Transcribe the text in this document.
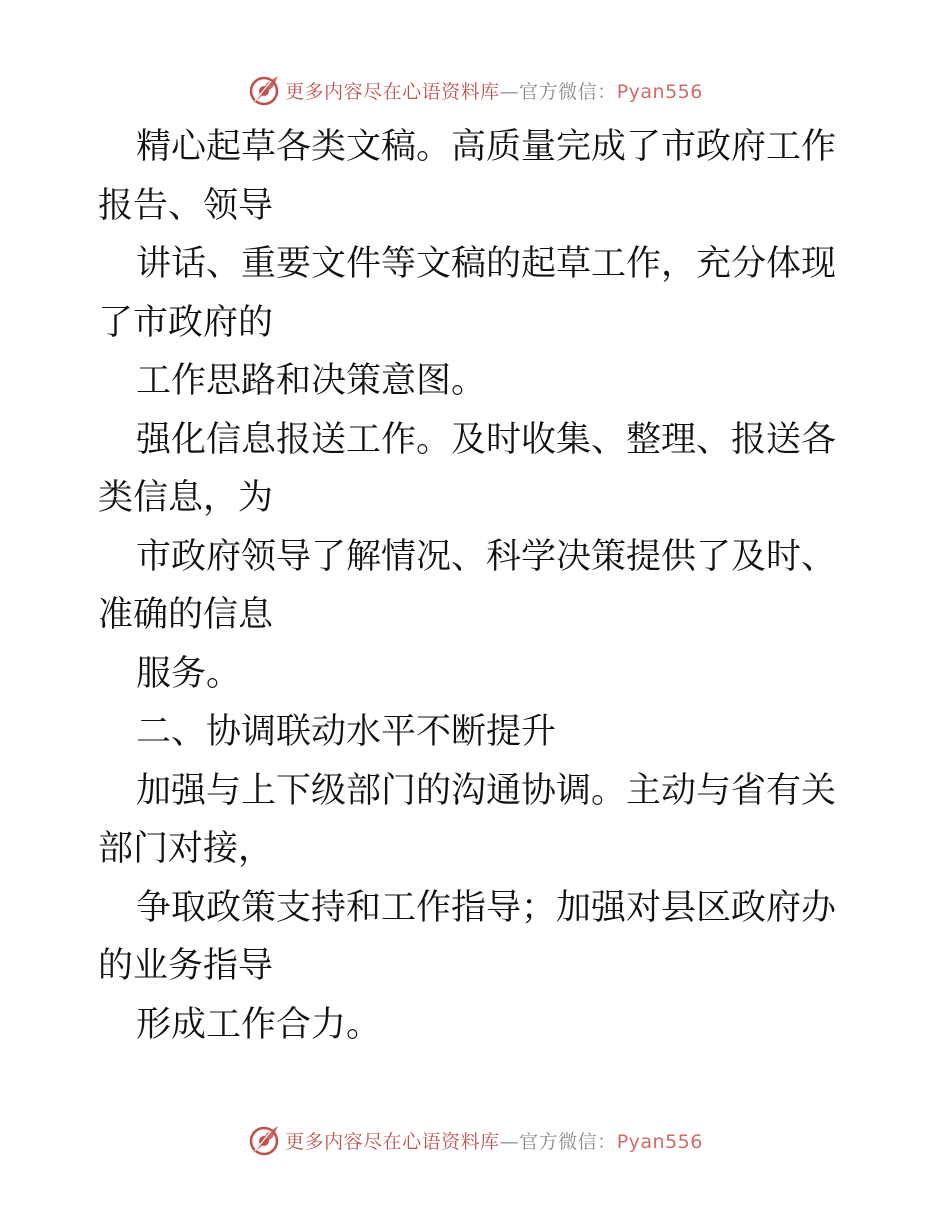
更多内容尽在心语资料库—官方微信：Pyan556

精心起草各类文稿。高质量完成了市政府工作报告、领导

讲话、重要文件等文稿的起草工作，充分体现了市政府的

工作思路和决策意图。

强化信息报送工作。及时收集、整理、报送各类信息，为

市政府领导了解情况、科学决策提供了及时、准确的信息

服务。

二、协调联动水平不断提升

加强与上下级部门的沟通协调。主动与省有关部门对接，

争取政策支持和工作指导；加强对县区政府办的业务指导

形成工作合力。

更多内容尽在心语资料库—官方微信：Pyan556
